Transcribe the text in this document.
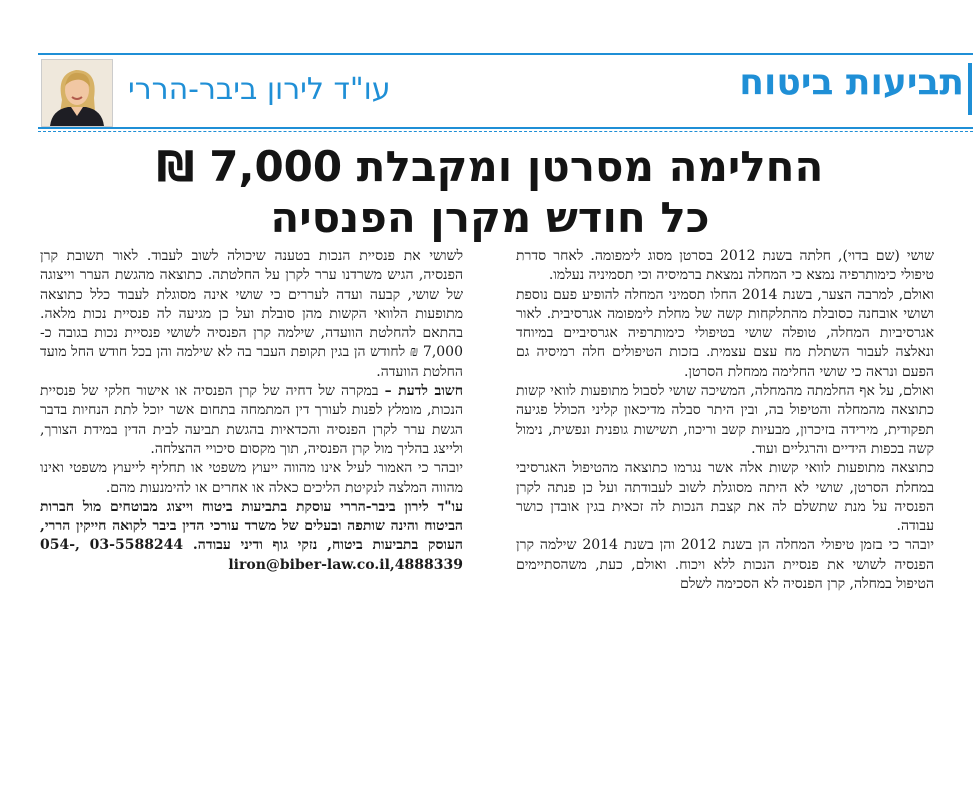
תביעות ביטוח
עו"ד לירון ביבר-הררי
החלימה מסרטן ומקבלת 7,000 ₪
כל חודש מקרן הפנסיה

שושי (שם בדוי), חלתה בשנת 2012 בסרטן מסוג לימפומה. לאחר סדרת טיפולי כימותרפיה נמצא כי המחלה נמצאת ברמיסיה וכי תסמיניה נעלמו.

ואולם, למרבה הצער, בשנת 2014 החלו תסמיני המחלה להופיע פעם נוספת ושושי אובחנה כסובלת מהתלקחות קשה של מחלת לימפומה אגרסיבית. לאור אגרסיביות המחלה, טופלה שושי בטיפולי כימותרפיה אגרסיביים במיוחד ונאלצה לעבור השתלת מח עצם עצמית. בזכות הטיפולים חלה רמיסיה גם הפעם ונראה כי שושי החלימה ממחלת הסרטן.

ואולם, על אף החלמתה מהמחלה, המשיכה שושי לסבול מתופעות לוואי קשות כתוצאה מהמחלה והטיפול בה, ובין היתר סבלה מדיכאון קליני הכולל פגיעה תפקודית, מירידה בזיכרון, מבעיות קשב וריכוז, תשישות גופנית ונפשית, נימול קשה בכפות הידיים והרגליים ועוד.

כתוצאה מתופעות לוואי קשות אלה אשר נגרמו כתוצאה מהטיפול האגרסיבי במחלת הסרטן, שושי לא היתה מסוגלת לשוב לעבודתה ועל כן פנתה לקרן הפנסיה על מנת שתשלם לה את קצבת הנכות לה זכאית בגין אובדן כושר עבודה.

יובהר כי בזמן טיפולי המחלה הן בשנת 2012 והן בשנת 2014 שילמה קרן הפנסיה לשושי את פנסיית הנכות ללא ויכוח. ואולם, כעת, משהסתיימים הטיפול במחלה, קרן הפנסיה לא הסכימה לשלם

לשושי את פנסיית הנכות בטענה שיכולה לשוב לעבוד. לאור תשובת קרן הפנסיה, הגיש משרדנו ערר לקרן על החלטתה. כתוצאה מהגשת הערר וייצוגה של שושי, קבעה ועדה לעררים כי שושי אינה מסוגלת לעבוד כלל כתוצאה מתופעות הלוואי הקשות מהן סובלת ועל כן מגיעה לה פנסיית נכות מלאה. בהתאם להחלטת הוועדה, שילמה קרן הפנסיה לשושי פנסיית נכות בגובה כ- 7,000 ₪ לחודש הן בגין תקופת העבר בה לא שילמה והן בכל חודש החל מועד החלטת הוועדה.

חשוב לדעת – במקרה של דחיה של קרן הפנסיה או אישור חלקי של פנסיית הנכות, מומלץ לפנות לעורך דין המתמחה בתחום אשר יוכל לתת הנחיות בדבר הגשת ערר לקרן הפנסיה והכדאיות בהגשת תביעה לבית הדין במידת הצורך, ולייצג בהליך מול קרן הפנסיה, תוך מקסום סיכויי ההצלחה.

יובהר כי האמור לעיל אינו מהווה ייעוץ משפטי או תחליף לייעוץ משפטי ואינו מהווה המלצה לנקיטת הליכים כאלה או אחרים או להימנעות מהם.

עו"ד לירון ביבר-הררי עוסקת בתביעות ביטוח וייצוג מבוטחים מול חברות הביטוח והינה שותפה ובעלים של משרד עורכי הדין ביבר לקואה חייקין הררי, העוסק בתביעות ביטוח, נזקי גוף ודיני עבודה. 03-5588244 ,054-4888339,liron@biber-law.co.il
